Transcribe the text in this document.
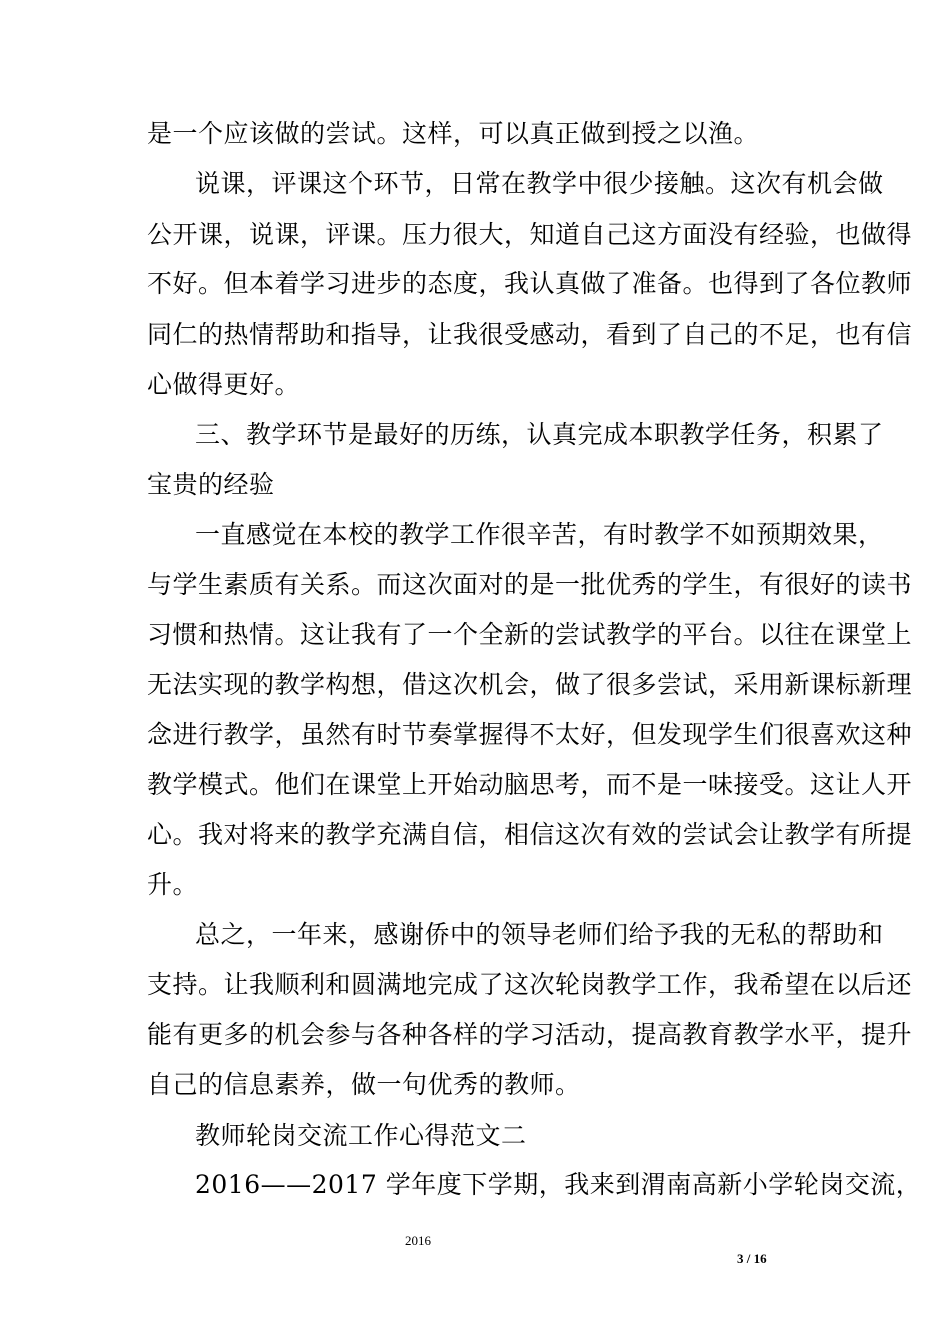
是一个应该做的尝试。这样，可以真正做到授之以渔。
说课，评课这个环节，日常在教学中很少接触。这次有机会做
公开课，说课，评课。压力很大，知道自己这方面没有经验，也做得
不好。但本着学习进步的态度，我认真做了准备。也得到了各位教师
同仁的热情帮助和指导，让我很受感动，看到了自己的不足，也有信
心做得更好。
三、教学环节是最好的历练，认真完成本职教学任务，积累了
宝贵的经验
一直感觉在本校的教学工作很辛苦，有时教学不如预期效果，
与学生素质有关系。而这次面对的是一批优秀的学生，有很好的读书
习惯和热情。这让我有了一个全新的尝试教学的平台。以往在课堂上
无法实现的教学构想，借这次机会，做了很多尝试，采用新课标新理
念进行教学，虽然有时节奏掌握得不太好，但发现学生们很喜欢这种
教学模式。他们在课堂上开始动脑思考，而不是一味接受。这让人开
心。我对将来的教学充满自信，相信这次有效的尝试会让教学有所提
升。
总之，一年来，感谢侨中的领导老师们给予我的无私的帮助和
支持。让我顺利和圆满地完成了这次轮岗教学工作，我希望在以后还
能有更多的机会参与各种各样的学习活动，提高教育教学水平，提升
自己的信息素养，做一句优秀的教师。
教师轮岗交流工作心得范文二
2016——2017 学年度下学期，我来到渭南高新小学轮岗交流，
2016
3 / 16
